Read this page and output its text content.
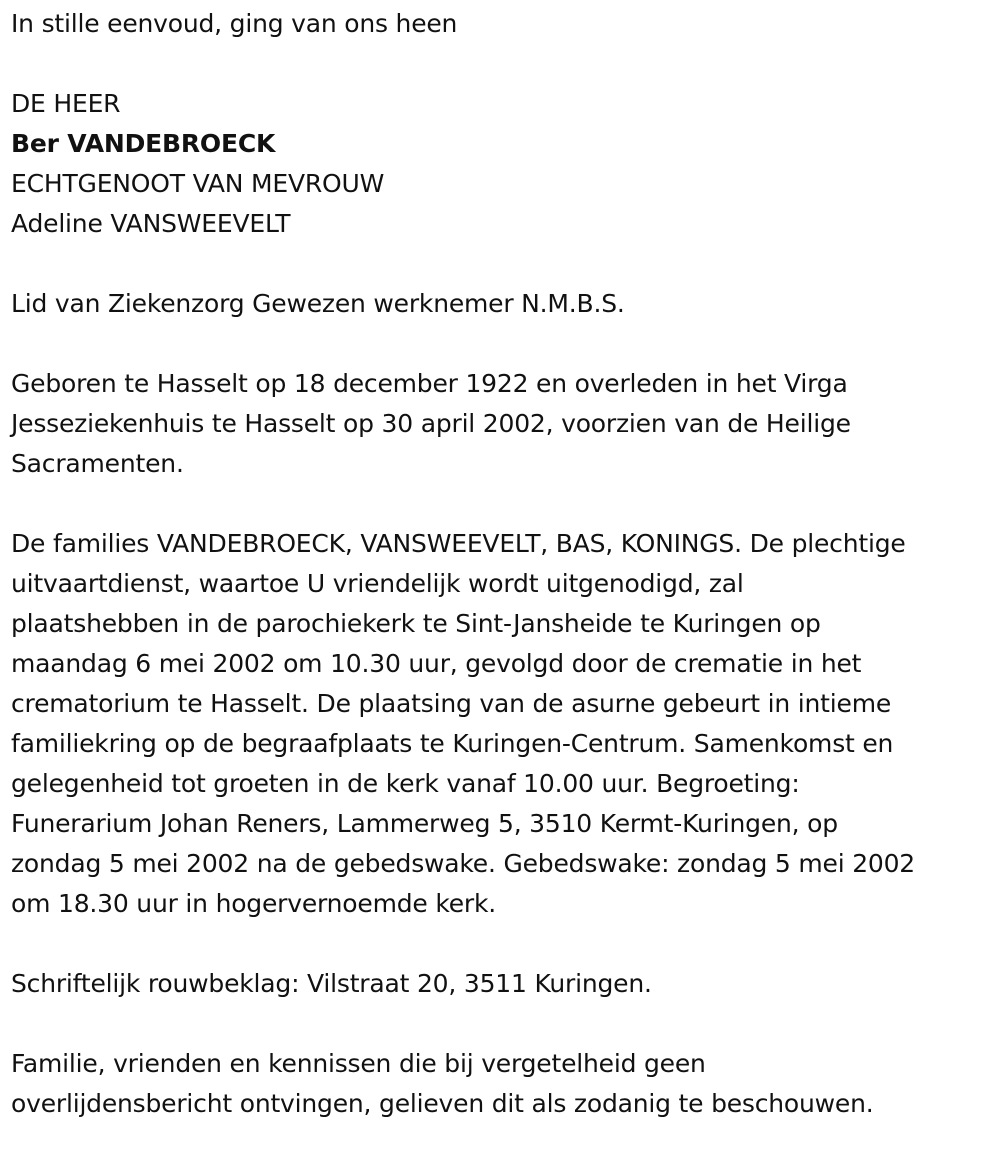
In stille eenvoud, ging van ons heen

DE HEER

Ber VANDEBROECK

ECHTGENOOT VAN MEVROUW

Adeline VANSWEEVELT

Lid van Ziekenzorg Gewezen werknemer N.M.B.S.

Geboren te Hasselt op 18 december 1922 en overleden in het Virga

Jesseziekenhuis te Hasselt op 30 april 2002, voorzien van de Heilige

Sacramenten.

De families VANDEBROECK, VANSWEEVELT, BAS, KONINGS. De plechtige

uitvaartdienst, waartoe U vriendelijk wordt uitgenodigd, zal

plaatshebben in de parochiekerk te Sint-Jansheide te Kuringen op

maandag 6 mei 2002 om 10.30 uur, gevolgd door de crematie in het

crematorium te Hasselt. De plaatsing van de asurne gebeurt in intieme

familiekring op de begraafplaats te Kuringen-Centrum. Samenkomst en

gelegenheid tot groeten in de kerk vanaf 10.00 uur. Begroeting:

Funerarium Johan Reners, Lammerweg 5, 3510 Kermt-Kuringen, op

zondag 5 mei 2002 na de gebedswake. Gebedswake: zondag 5 mei 2002

om 18.30 uur in hogervernoemde kerk.

Schriftelijk rouwbeklag: Vilstraat 20, 3511 Kuringen.

Familie, vrienden en kennissen die bij vergetelheid geen

overlijdensbericht ontvingen, gelieven dit als zodanig te beschouwen.
